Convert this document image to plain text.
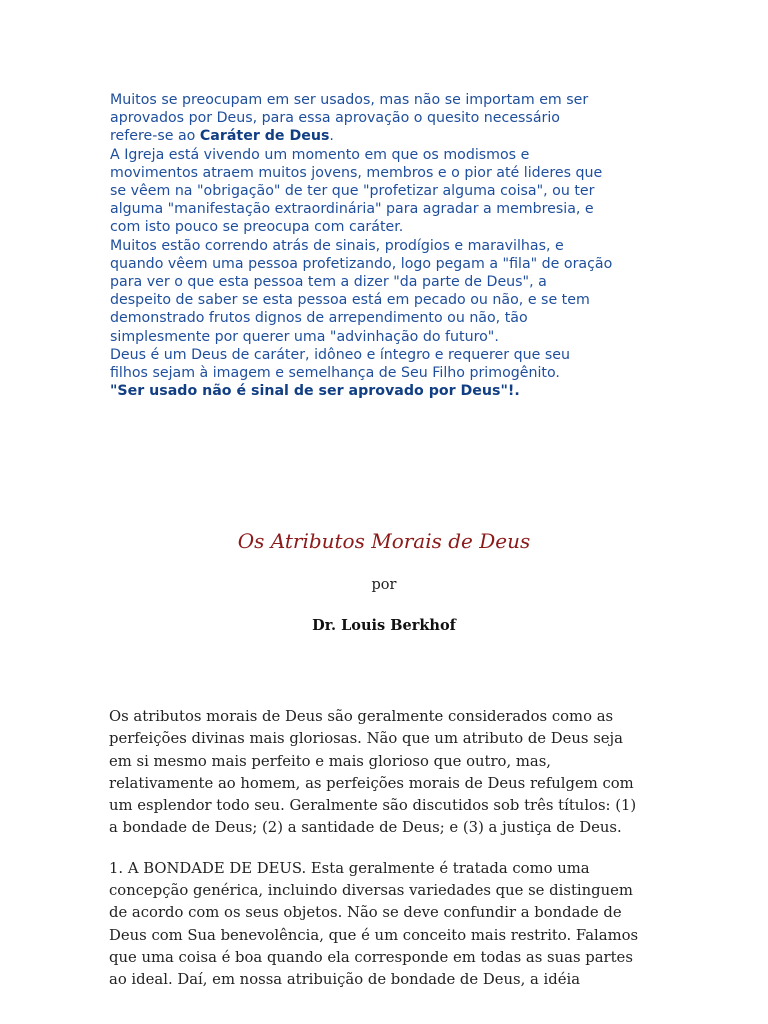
Muitos se preocupam em ser usados, mas não se importam em ser
aprovados por Deus, para essa aprovação o quesito necessário
refere-se ao Caráter de Deus.

A Igreja está vivendo um momento em que os modismos e
movimentos atraem muitos jovens, membros e o pior até lideres que
se vêem na "obrigação" de ter que "profetizar alguma coisa", ou ter
alguma "manifestação extraordinária" para agradar a membresia, e
com isto pouco se preocupa com caráter.

Muitos estão correndo atrás de sinais, prodígios e maravilhas, e
quando vêem uma pessoa profetizando, logo pegam a "fila" de oração
para ver o que esta pessoa tem a dizer "da parte de Deus", a
despeito de saber se esta pessoa está em pecado ou não, e se tem
demonstrado frutos dignos de arrependimento ou não, tão
simplesmente por querer uma "advinhação do futuro".

Deus é um Deus de caráter, idôneo e íntegro e requerer que seu
filhos sejam à imagem e semelhança de Seu Filho primogênito.

"Ser usado não é sinal de ser aprovado por Deus"!.

Os Atributos Morais de Deus
por
Dr. Louis Berkhof

Os atributos morais de Deus são geralmente considerados como as
perfeições divinas mais gloriosas. Não que um atributo de Deus seja
em si mesmo mais perfeito e mais glorioso que outro, mas,
relativamente ao homem, as perfeições morais de Deus refulgem com
um esplendor todo seu. Geralmente são discutidos sob três títulos: (1)
a bondade de Deus; (2) a santidade de Deus; e (3) a justiça de Deus.

1. A BONDADE DE DEUS. Esta geralmente é tratada como uma
concepção genérica, incluindo diversas variedades que se distinguem
de acordo com os seus objetos. Não se deve confundir a bondade de
Deus com Sua benevolência, que é um conceito mais restrito. Falamos
que uma coisa é boa quando ela corresponde em todas as suas partes
ao ideal. Daí, em nossa atribuição de bondade de Deus, a idéia
